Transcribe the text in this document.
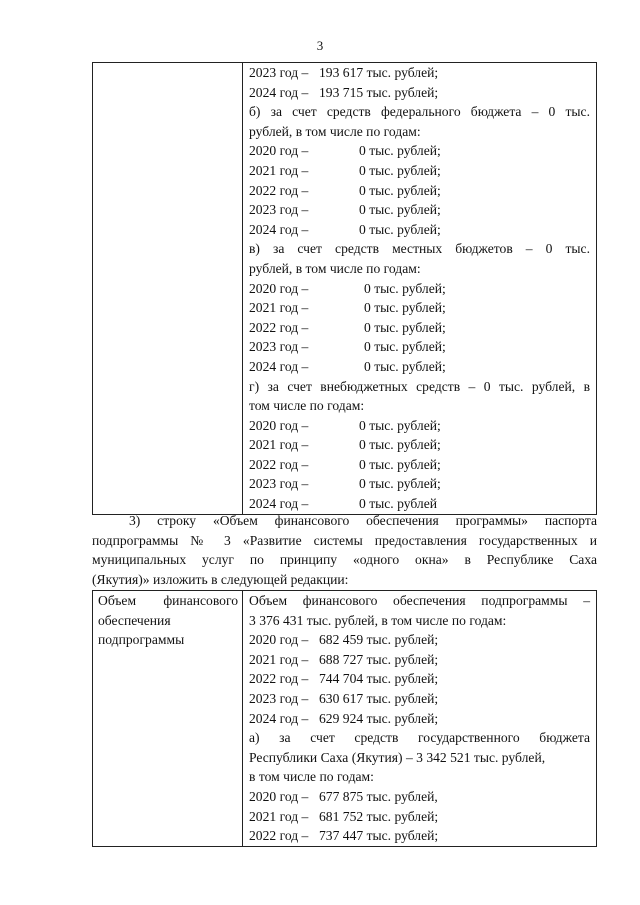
3

2023 год –193 617 тыс. рублей;
2024 год –193 715 тыс. рублей;
б) за счет средств федерального бюджета – 0 тыс.
рублей, в том числе по годам:
2020 год –	0 тыс. рублей;
2021 год –	0 тыс. рублей;
2022 год –	0 тыс. рублей;
2023 год –	0 тыс. рублей;
2024 год –	0 тыс. рублей;
в) за счет средств местных бюджетов – 0 тыс.
рублей, в том числе по годам:
2020 год –	0 тыс. рублей;
2021 год –	0 тыс. рублей;
2022 год –	0 тыс. рублей;
2023 год –	0 тыс. рублей;
2024 год –	0 тыс. рублей;
г) за счет внебюджетных средств – 0 тыс. рублей, в
том числе по годам:
2020 год –	0 тыс. рублей;
2021 год –	0 тыс. рублей;
2022 год –	0 тыс. рублей;
2023 год –	0 тыс. рублей;
2024 год –	0 тыс. рублей
3) строку «Объем финансового обеспечения программы» паспорта
подпрограммы № 3 «Развитие системы предоставления государственных и
муниципальных услуг по принципу «одного окна» в Республике Саха
(Якутия)» изложить в следующей редакции:
Объем финансового
обеспечения
подпрограммы

Объем финансового обеспечения подпрограммы –
3 376 431 тыс. рублей, в том числе по годам:
2020 год –682 459 тыс. рублей;
2021 год –688 727 тыс. рублей;
2022 год –744 704 тыс. рублей;
2023 год –630 617 тыс. рублей;
2024 год –629 924 тыс. рублей;
а) за счет средств государственного бюджета
Республики Саха (Якутия) – 3 342 521 тыс. рублей,
в том числе по годам:
2020 год –677 875 тыс. рублей,
2021 год –681 752 тыс. рублей;
2022 год –737 447 тыс. рублей;
